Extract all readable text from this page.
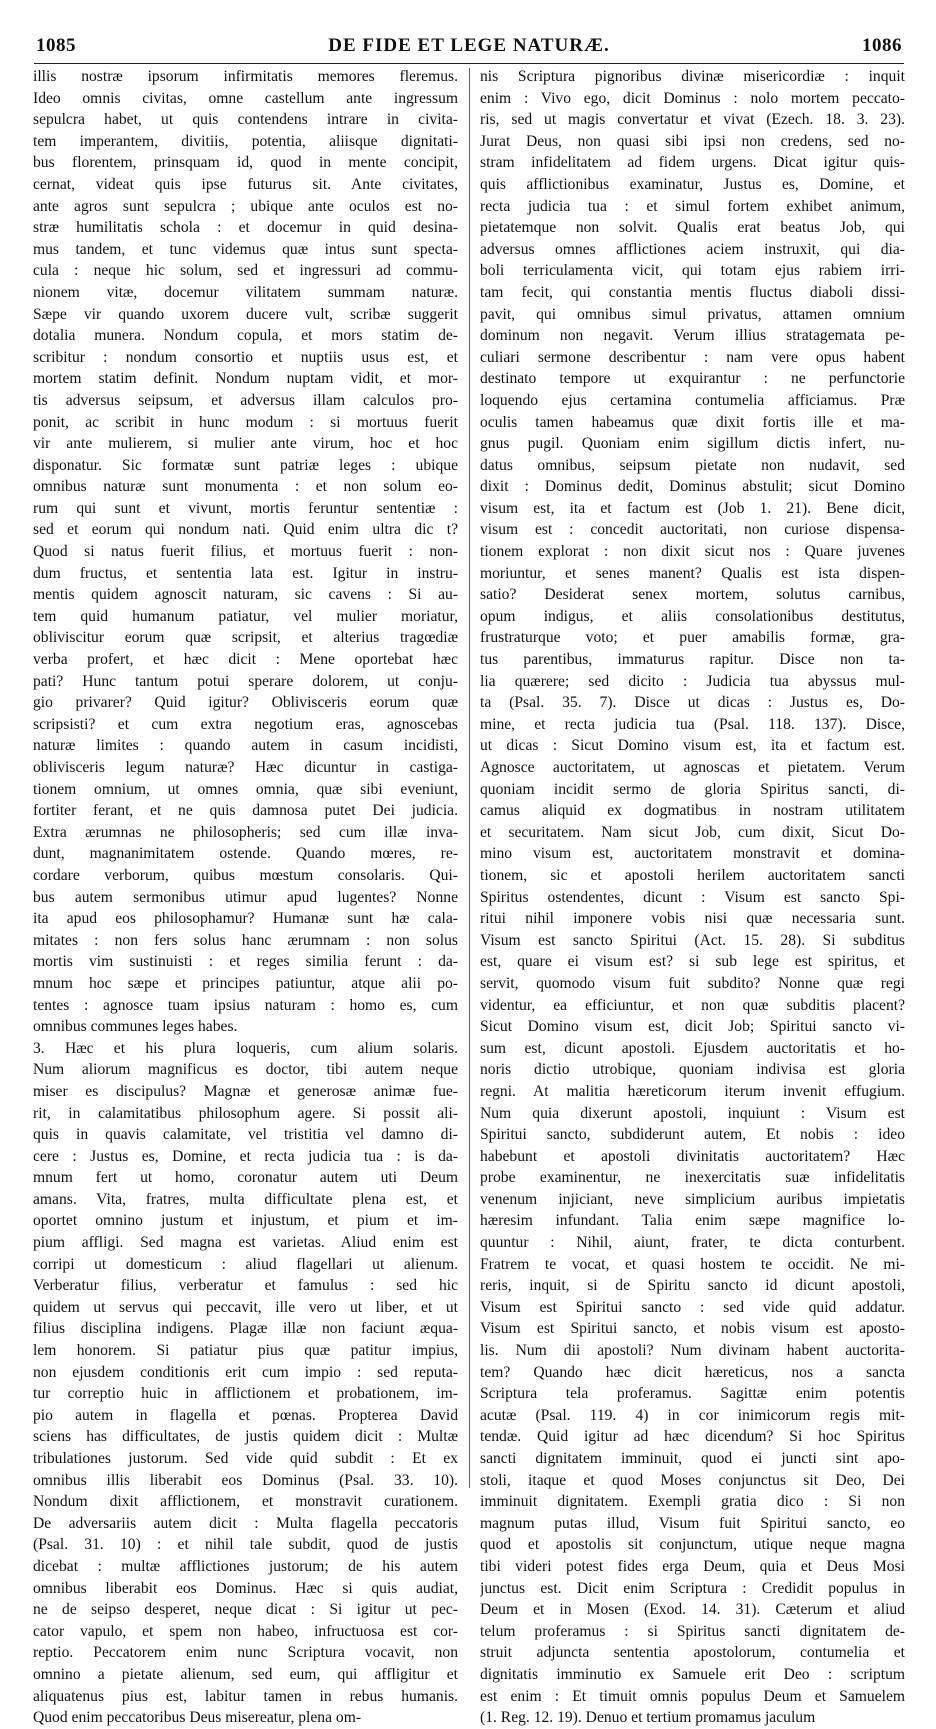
1085	DE FIDE ET LEGE NATURÆ.	1086
illis nostræ ipsorum infirmitatis memores fleremus.
Ideo omnis civitas, omne castellum ante ingressum
sepulcra habet, ut quis contendens intrare in civita-
tem imperantem, divitiis, potentia, aliisque dignitati-
bus florentem, prinsquam id, quod in mente concipit,
cernat, videat quis ipse futurus sit. Ante civitates,
ante agros sunt sepulcra ; ubique ante oculos est no-
stræ humilitatis schola : et docemur in quid desina-
mus tandem, et tunc videmus quæ intus sunt specta-
cula : neque hic solum, sed et ingressuri ad commu-
nionem vitæ, docemur vilitatem summam naturæ.
Sæpe vir quando uxorem ducere vult, scribæ suggerit
dotalia munera. Nondum copula, et mors statim de-
scribitur : nondum consortio et nuptiis usus est, et
mortem statim definit. Nondum nuptam vidit, et mor-
tis adversus seipsum, et adversus illam calculos pro-
ponit, ac scribit in hunc modum : si mortuus fuerit
vir ante mulierem, si mulier ante virum, hoc et hoc
disponatur. Sic formatæ sunt patriæ leges : ubique
omnibus naturæ sunt monumenta : et non solum eo-
rum qui sunt et vivunt, mortis feruntur sententiæ :
sed et eorum qui nondum nati. Quid enim ultra dic t?
Quod si natus fuerit filius, et mortuus fuerit : non-
dum fructus, et sententia lata est. Igitur in instru-
mentis quidem agnoscit naturam, sic cavens : Si au-
tem quid humanum patiatur, vel mulier moriatur,
obliviscitur eorum quæ scripsit, et alterius tragœdiæ
verba profert, et hæc dicit : Mene oportebat hæc
pati? Hunc tantum potui sperare dolorem, ut conju-
gio privarer? Quid igitur? Oblivisceris eorum quæ
scripsisti? et cum extra negotium eras, agnoscebas
naturæ limites : quando autem in casum incidisti,
oblivisceris legum naturæ? Hæc dicuntur in castiga-
tionem omnium, ut omnes omnia, quæ sibi eveniunt,
fortiter ferant, et ne quis damnosa putet Dei judicia.
Extra ærumnas ne philosopheris; sed cum illæ inva-
dunt, magnanimitatem ostende. Quando mœres, re-
cordare verborum, quibus mœstum consolaris. Qui-
bus autem sermonibus utimur apud lugentes? Nonne
ita apud eos philosophamur? Humanæ sunt hæ cala-
mitates : non fers solus hanc ærumnam : non solus
mortis vim sustinuisti : et reges similia ferunt : da-
mnum hoc sæpe et principes patiuntur, atque alii po-
tentes : agnosce tuam ipsius naturam : homo es, cum
omnibus communes leges habes.
3. Hæc et his plura loqueris, cum alium solaris.
Num aliorum magnificus es doctor, tibi autem neque
miser es discipulus? Magnæ et generosæ animæ fue-
rit, in calamitatibus philosophum agere. Si possit ali-
quis in quavis calamitate, vel tristitia vel damno di-
cere : Justus es, Domine, et recta judicia tua : is da-
mnum fert ut homo, coronatur autem uti Deum
amans. Vita, fratres, multa difficultate plena est, et
oportet omnino justum et injustum, et pium et im-
pium affligi. Sed magna est varietas. Aliud enim est
corripi ut domesticum : aliud flagellari ut alienum.
Verberatur filius, verberatur et famulus : sed hic
quidem ut servus qui peccavit, ille vero ut liber, et ut
filius disciplina indigens. Plagæ illæ non faciunt æqua-
lem honorem. Si patiatur pius quæ patitur impius,
non ejusdem conditionis erit cum impio : sed reputa-
tur correptio huic in afflictionem et probationem, im-
pio autem in flagella et pœnas. Propterea David
sciens has difficultates, de justis quidem dicit : Multæ
tribulationes justorum. Sed vide quid subdit : Et ex
omnibus illis liberabit eos Dominus (Psal. 33. 10).
Nondum dixit afflictionem, et monstravit curationem.
De adversariis autem dicit : Multa flagella peccatoris
(Psal. 31. 10) : et nihil tale subdit, quod de justis
dicebat : multæ afflictiones justorum; de his autem
omnibus liberabit eos Dominus. Hæc si quis audiat,
ne de seipso desperet, neque dicat : Si igitur ut pec-
cator vapulo, et spem non habeo, infructuosa est cor-
reptio. Peccatorem enim nunc Scriptura vocavit, non
omnino a pietate alienum, sed eum, qui affligitur et
aliquatenus pius est, labitur tamen in rebus humanis.
Quod enim peccatoribus Deus misereatur, plena om-
nis Scriptura pignoribus divinæ misericordiæ : inquit
enim : Vivo ego, dicit Dominus : nolo mortem peccato-
ris, sed ut magis convertatur et vivat (Ezech. 18. 3. 23).
Jurat Deus, non quasi sibi ipsi non credens, sed no-
stram infidelitatem ad fidem urgens. Dicat igitur quis-
quis afflictionibus examinatur, Justus es, Domine, et
recta judicia tua : et simul fortem exhibet animum,
pietatemque non solvit. Qualis erat beatus Job, qui
adversus omnes afflictiones aciem instruxit, qui dia-
boli terriculamenta vicit, qui totam ejus rabiem irri-
tam fecit, qui constantia mentis fluctus diaboli dissi-
pavit, qui omnibus simul privatus, attamen omnium
dominum non negavit. Verum illius stratagemata pe-
culiari sermone describentur : nam vere opus habent
destinato tempore ut exquirantur : ne perfunctorie
loquendo ejus certamina contumelia afficiamus. Præ
oculis tamen habeamus quæ dixit fortis ille et ma-
gnus pugil. Quoniam enim sigillum dictis infert, nu-
datus omnibus, seipsum pietate non nudavit, sed
dixit : Dominus dedit, Dominus abstulit; sicut Domino
visum est, ita et factum est (Job 1. 21). Bene dicit,
visum est : concedit auctoritati, non curiose dispensa-
tionem explorat : non dixit sicut nos : Quare juvenes
moriuntur, et senes manent? Qualis est ista dispen-
satio? Desiderat senex mortem, solutus carnibus,
opum indigus, et aliis consolationibus destitutus,
frustraturque voto; et puer amabilis formæ, gra-
tus parentibus, immaturus rapitur. Disce non ta-
lia quærere; sed dicito : Judicia tua abyssus mul-
ta (Psal. 35. 7). Disce ut dicas : Justus es, Do-
mine, et recta judicia tua (Psal. 118. 137). Disce,
ut dicas : Sicut Domino visum est, ita et factum est.
Agnosce auctoritatem, ut agnoscas et pietatem. Verum
quoniam incidit sermo de gloria Spiritus sancti, di-
camus aliquid ex dogmatibus in nostram utilitatem
et securitatem. Nam sicut Job, cum dixit, Sicut Do-
mino visum est, auctoritatem monstravit et domina-
tionem, sic et apostoli herilem auctoritatem sancti
Spiritus ostendentes, dicunt : Visum est sancto Spi-
ritui nihil imponere vobis nisi quæ necessaria sunt.
Visum est sancto Spiritui (Act. 15. 28). Si subditus
est, quare ei visum est? si sub lege est spiritus, et
servit, quomodo visum fuit subdito? Nonne quæ regi
videntur, ea efficiuntur, et non quæ subditis placent?
Sicut Domino visum est, dicit Job; Spiritui sancto vi-
sum est, dicunt apostoli. Ejusdem auctoritatis et ho-
noris dictio utrobique, quoniam indivisa est gloria
regni. At malitia hæreticorum iterum invenit effugium.
Num quia dixerunt apostoli, inquiunt : Visum est
Spiritui sancto, subdiderunt autem, Et nobis : ideo
habebunt et apostoli divinitatis auctoritatem? Hæc
probe examinentur, ne inexercitatis suæ infidelitatis
venenum injiciant, neve simplicium auribus impietatis
hæresim infundant. Talia enim sæpe magnifice lo-
quuntur : Nihil, aiunt, frater, te dicta conturbent.
Fratrem te vocat, et quasi hostem te occidit. Ne mi-
reris, inquit, si de Spiritu sancto id dicunt apostoli,
Visum est Spiritui sancto : sed vide quid addatur.
Visum est Spiritui sancto, et nobis visum est aposto-
lis. Num dii apostoli? Num divinam habent auctorita-
tem? Quando hæc dicit hæreticus, nos a sancta
Scriptura tela proferamus. Sagittæ enim potentis
acutæ (Psal. 119. 4) in cor inimicorum regis mit-
tendæ. Quid igitur ad hæc dicendum? Si hoc Spiritus
sancti dignitatem imminuit, quod ei juncti sint apo-
stoli, itaque et quod Moses conjunctus sit Deo, Dei
imminuit dignitatem. Exempli gratia dico : Si non
magnum putas illud, Visum fuit Spiritui sancto, eo
quod et apostolis sit conjunctum, utique neque magna
tibi videri potest fides erga Deum, quia et Deus Mosi
junctus est. Dicit enim Scriptura : Credidit populus in
Deum et in Mosen (Exod. 14. 31). Cæterum et aliud
telum proferamus : si Spiritus sancti dignitatem de-
struit adjuncta sententia apostolorum, contumelia et
dignitatis imminutio ex Samuele erit Deo : scriptum
est enim : Et timuit omnis populus Deum et Samuelem
(1. Reg. 12. 19). Denuo et tertium promamus jaculum
